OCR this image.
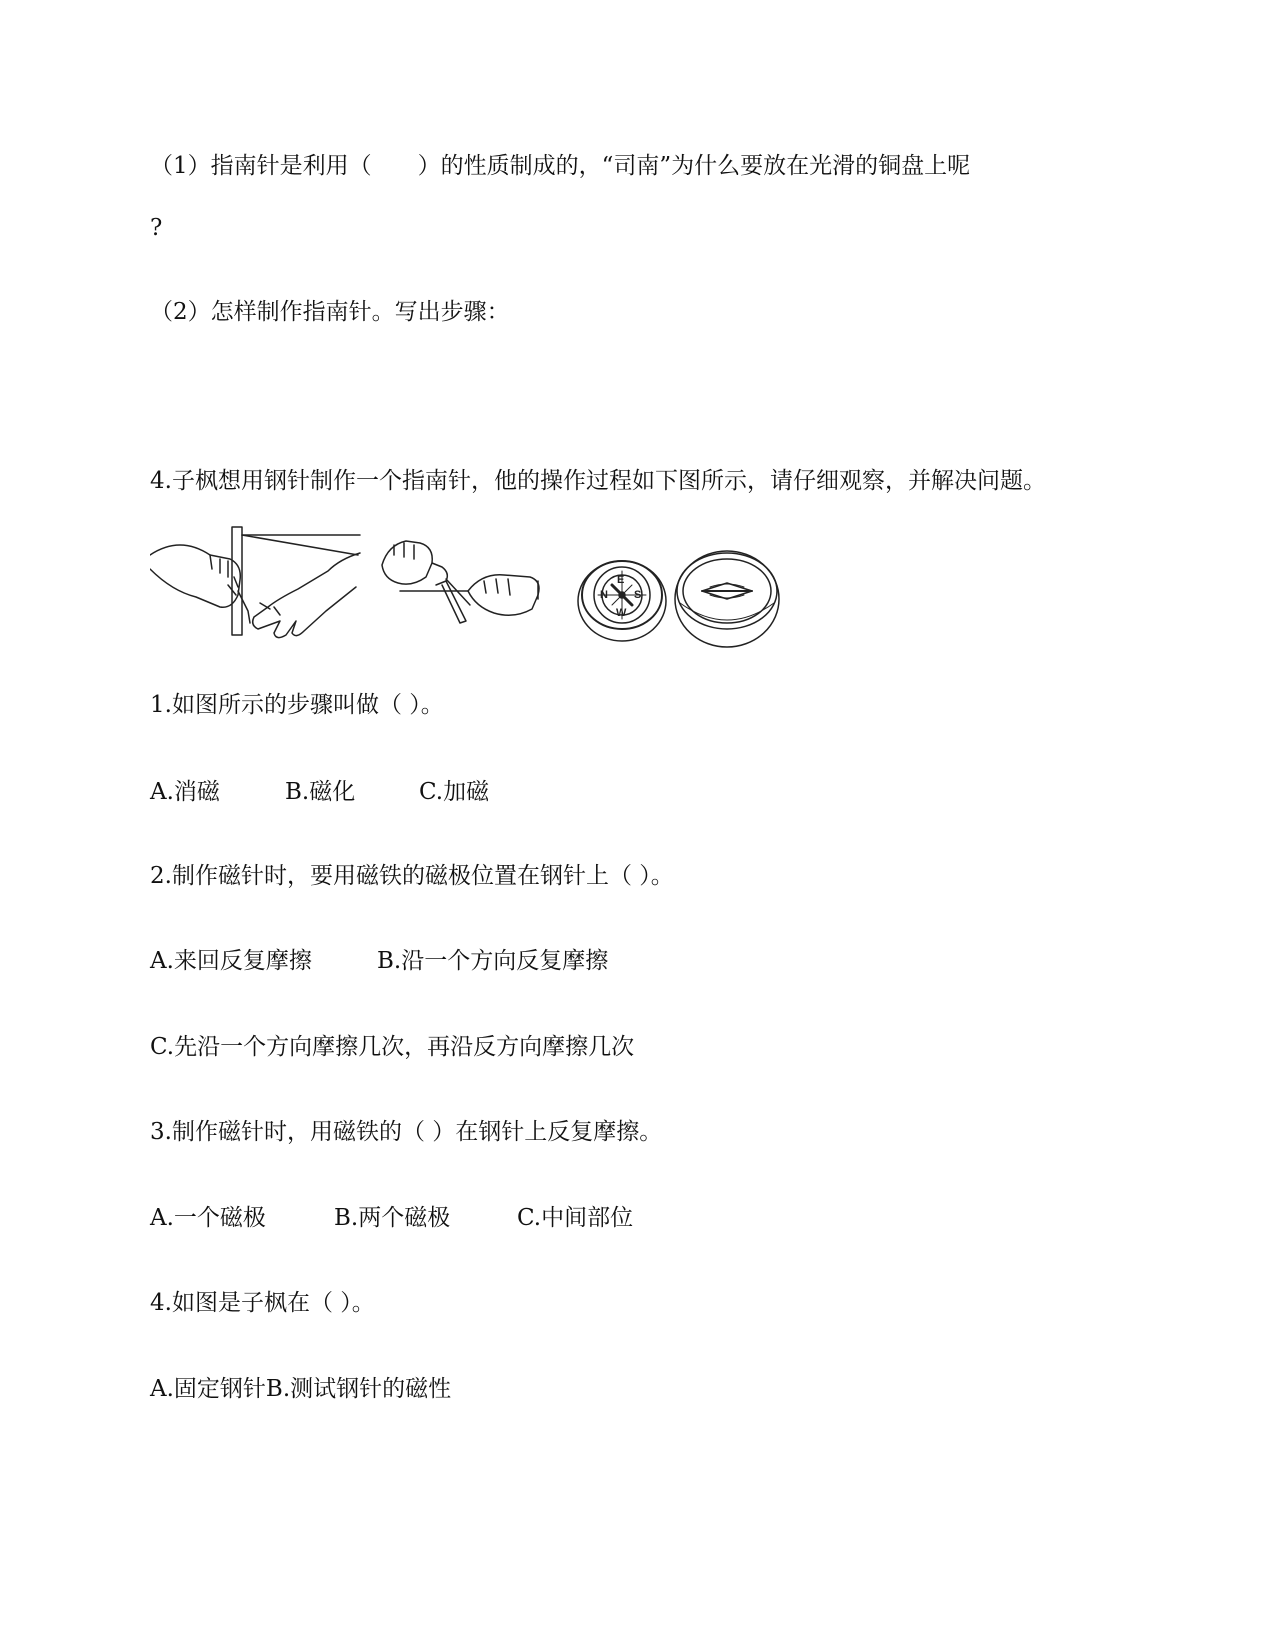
（1）指南针是利用（　　）的性质制成的，“司南”为什么要放在光滑的铜盘上呢
?
（2）怎样制作指南针。写出步骤：
4.子枫想用钢针制作一个指南针，他的操作过程如下图所示，请仔细观察，并解决问题。
E
S
W
N
1.如图所示的步骤叫做（ ）。
A.消磁	B.磁化	C.加磁
2.制作磁针时，要用磁铁的磁极位置在钢针上（ ）。
A.来回反复摩擦	B.沿一个方向反复摩擦
C.先沿一个方向摩擦几次，再沿反方向摩擦几次
3.制作磁针时，用磁铁的（ ）在钢针上反复摩擦。
A.一个磁极	B.两个磁极	C.中间部位
4.如图是子枫在（ ）。
A.固定钢针B.测试钢针的磁性
